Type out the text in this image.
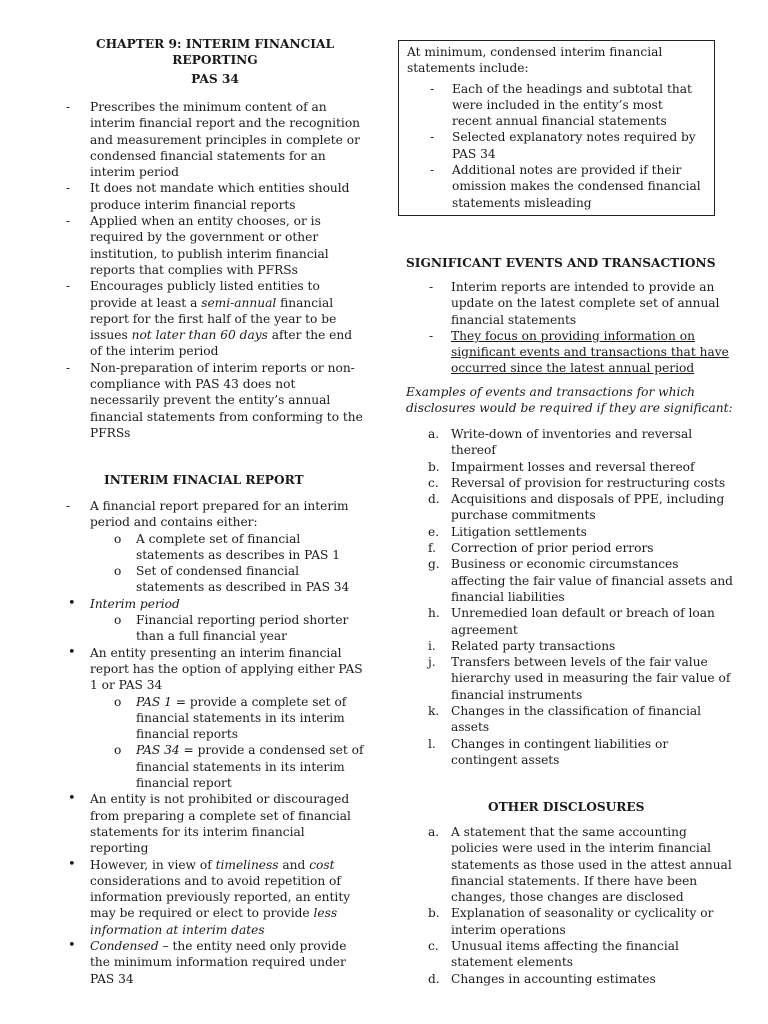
CHAPTER 9: INTERIM FINANCIAL

REPORTING

PAS 34

- Prescribes the minimum content of an interim financial report and the recognition and measurement principles in complete or condensed financial statements for an interim period
- It does not mandate which entities should produce interim financial reports
- Applied when an entity chooses, or is required by the government or other institution, to publish interim financial reports that complies with PFRSs
- Encourages publicly listed entities to provide at least a semi-annual financial report for the first half of the year to be issues not later than 60 days after the end of the interim period
- Non-preparation of interim reports or non-compliance with PAS 43 does not necessarily prevent the entity’s annual financial statements from conforming to the PFRSs

INTERIM FINACIAL REPORT

- A financial report prepared for an interim period and contains either:
o A complete set of financial statements as describes in PAS 1
o Set of condensed financial statements as described in PAS 34
• Interim period
o Financial reporting period shorter than a full financial year
• An entity presenting an interim financial report has the option of applying either PAS 1 or PAS 34
o PAS 1 = provide a complete set of financial statements in its interim financial reports
o PAS 34 = provide a condensed set of financial statements in its interim financial report
• An entity is not prohibited or discouraged from preparing a complete set of financial statements for its interim financial reporting
• However, in view of timeliness and cost considerations and to avoid repetition of information previously reported, an entity may be required or elect to provide less information at interim dates
• Condensed – the entity need only provide the minimum information required under PAS 34
At minimum, condensed interim financial statements include:
- Each of the headings and subtotal that were included in the entity’s most recent annual financial statements
- Selected explanatory notes required by PAS 34
- Additional notes are provided if their omission makes the condensed financial statements misleading

SIGNIFICANT EVENTS AND TRANSACTIONS

- Interim reports are intended to provide an update on the latest complete set of annual financial statements
- They focus on providing information on significant events and transactions that have occurred since the latest annual period

Examples of events and transactions for which disclosures would be required if they are significant:

a. Write-down of inventories and reversal thereof
b. Impairment losses and reversal thereof
c. Reversal of provision for restructuring costs
d. Acquisitions and disposals of PPE, including purchase commitments
e. Litigation settlements
f. Correction of prior period errors
g. Business or economic circumstances affecting the fair value of financial assets and financial liabilities
h. Unremedied loan default or breach of loan agreement
i. Related party transactions
j. Transfers between levels of the fair value hierarchy used in measuring the fair value of financial instruments
k. Changes in the classification of financial assets
l. Changes in contingent liabilities or contingent assets

OTHER DISCLOSURES

a. A statement that the same accounting policies were used in the interim financial statements as those used in the attest annual financial statements. If there have been changes, those changes are disclosed
b. Explanation of seasonality or cyclicality or interim operations
c. Unusual items affecting the financial statement elements
d. Changes in accounting estimates
